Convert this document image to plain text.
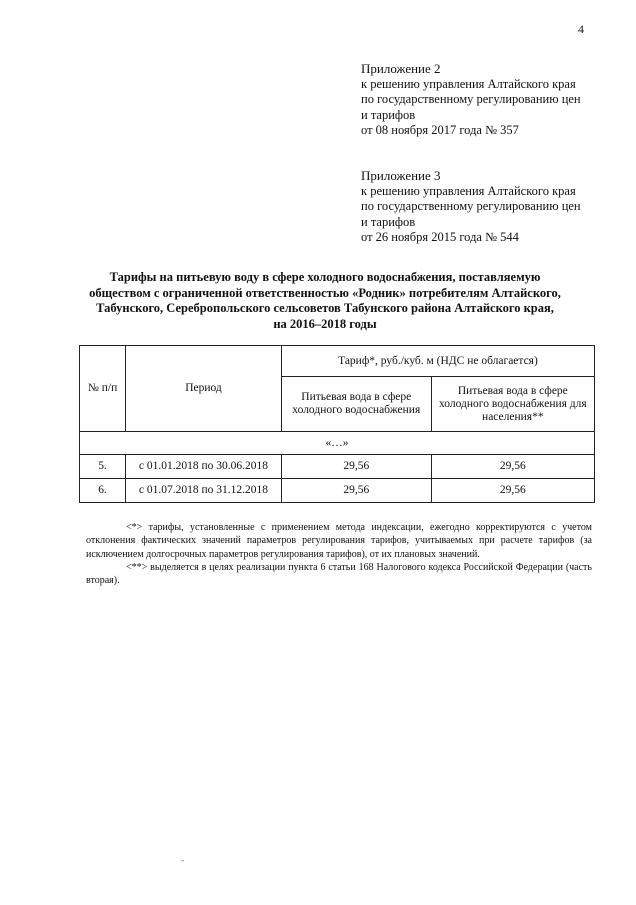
4
Приложение 2
к решению управления Алтайского края
по государственному регулированию цен
и тарифов
от 08 ноября 2017 года № 357
Приложение 3
к решению управления Алтайского края
по государственному регулированию цен
и тарифов
от 26 ноября 2015 года № 544
Тарифы на питьевую воду в сфере холодного водоснабжения, поставляемую
обществом с ограниченной ответственностью «Родник» потребителям Алтайского,
Табунского, Серебропольского сельсоветов Табунского района Алтайского края,
на 2016–2018 годы
№ п/п	Период	Тариф*, руб./куб. м (НДС не облагается)	
		Питьевая вода в сфере холодного водоснабжения	Питьевая вода в сфере холодного водоснабжения для населения**
«…»			
5.	с 01.01.2018 по 30.06.2018	29,56	29,56
6.	с 01.07.2018 по 31.12.2018	29,56	29,56

<*> тарифы, установленные с применением метода индексации, ежегодно корректируются с учетом отклонения фактических значений параметров регулирования тарифов, учитываемых при расчете тарифов (за исключением долгосрочных параметров регулирования тарифов), от их плановых значений.

<**> выделяется в целях реализации пункта 6 статьи 168 Налогового кодекса Российской Федерации (часть вторая).

-
